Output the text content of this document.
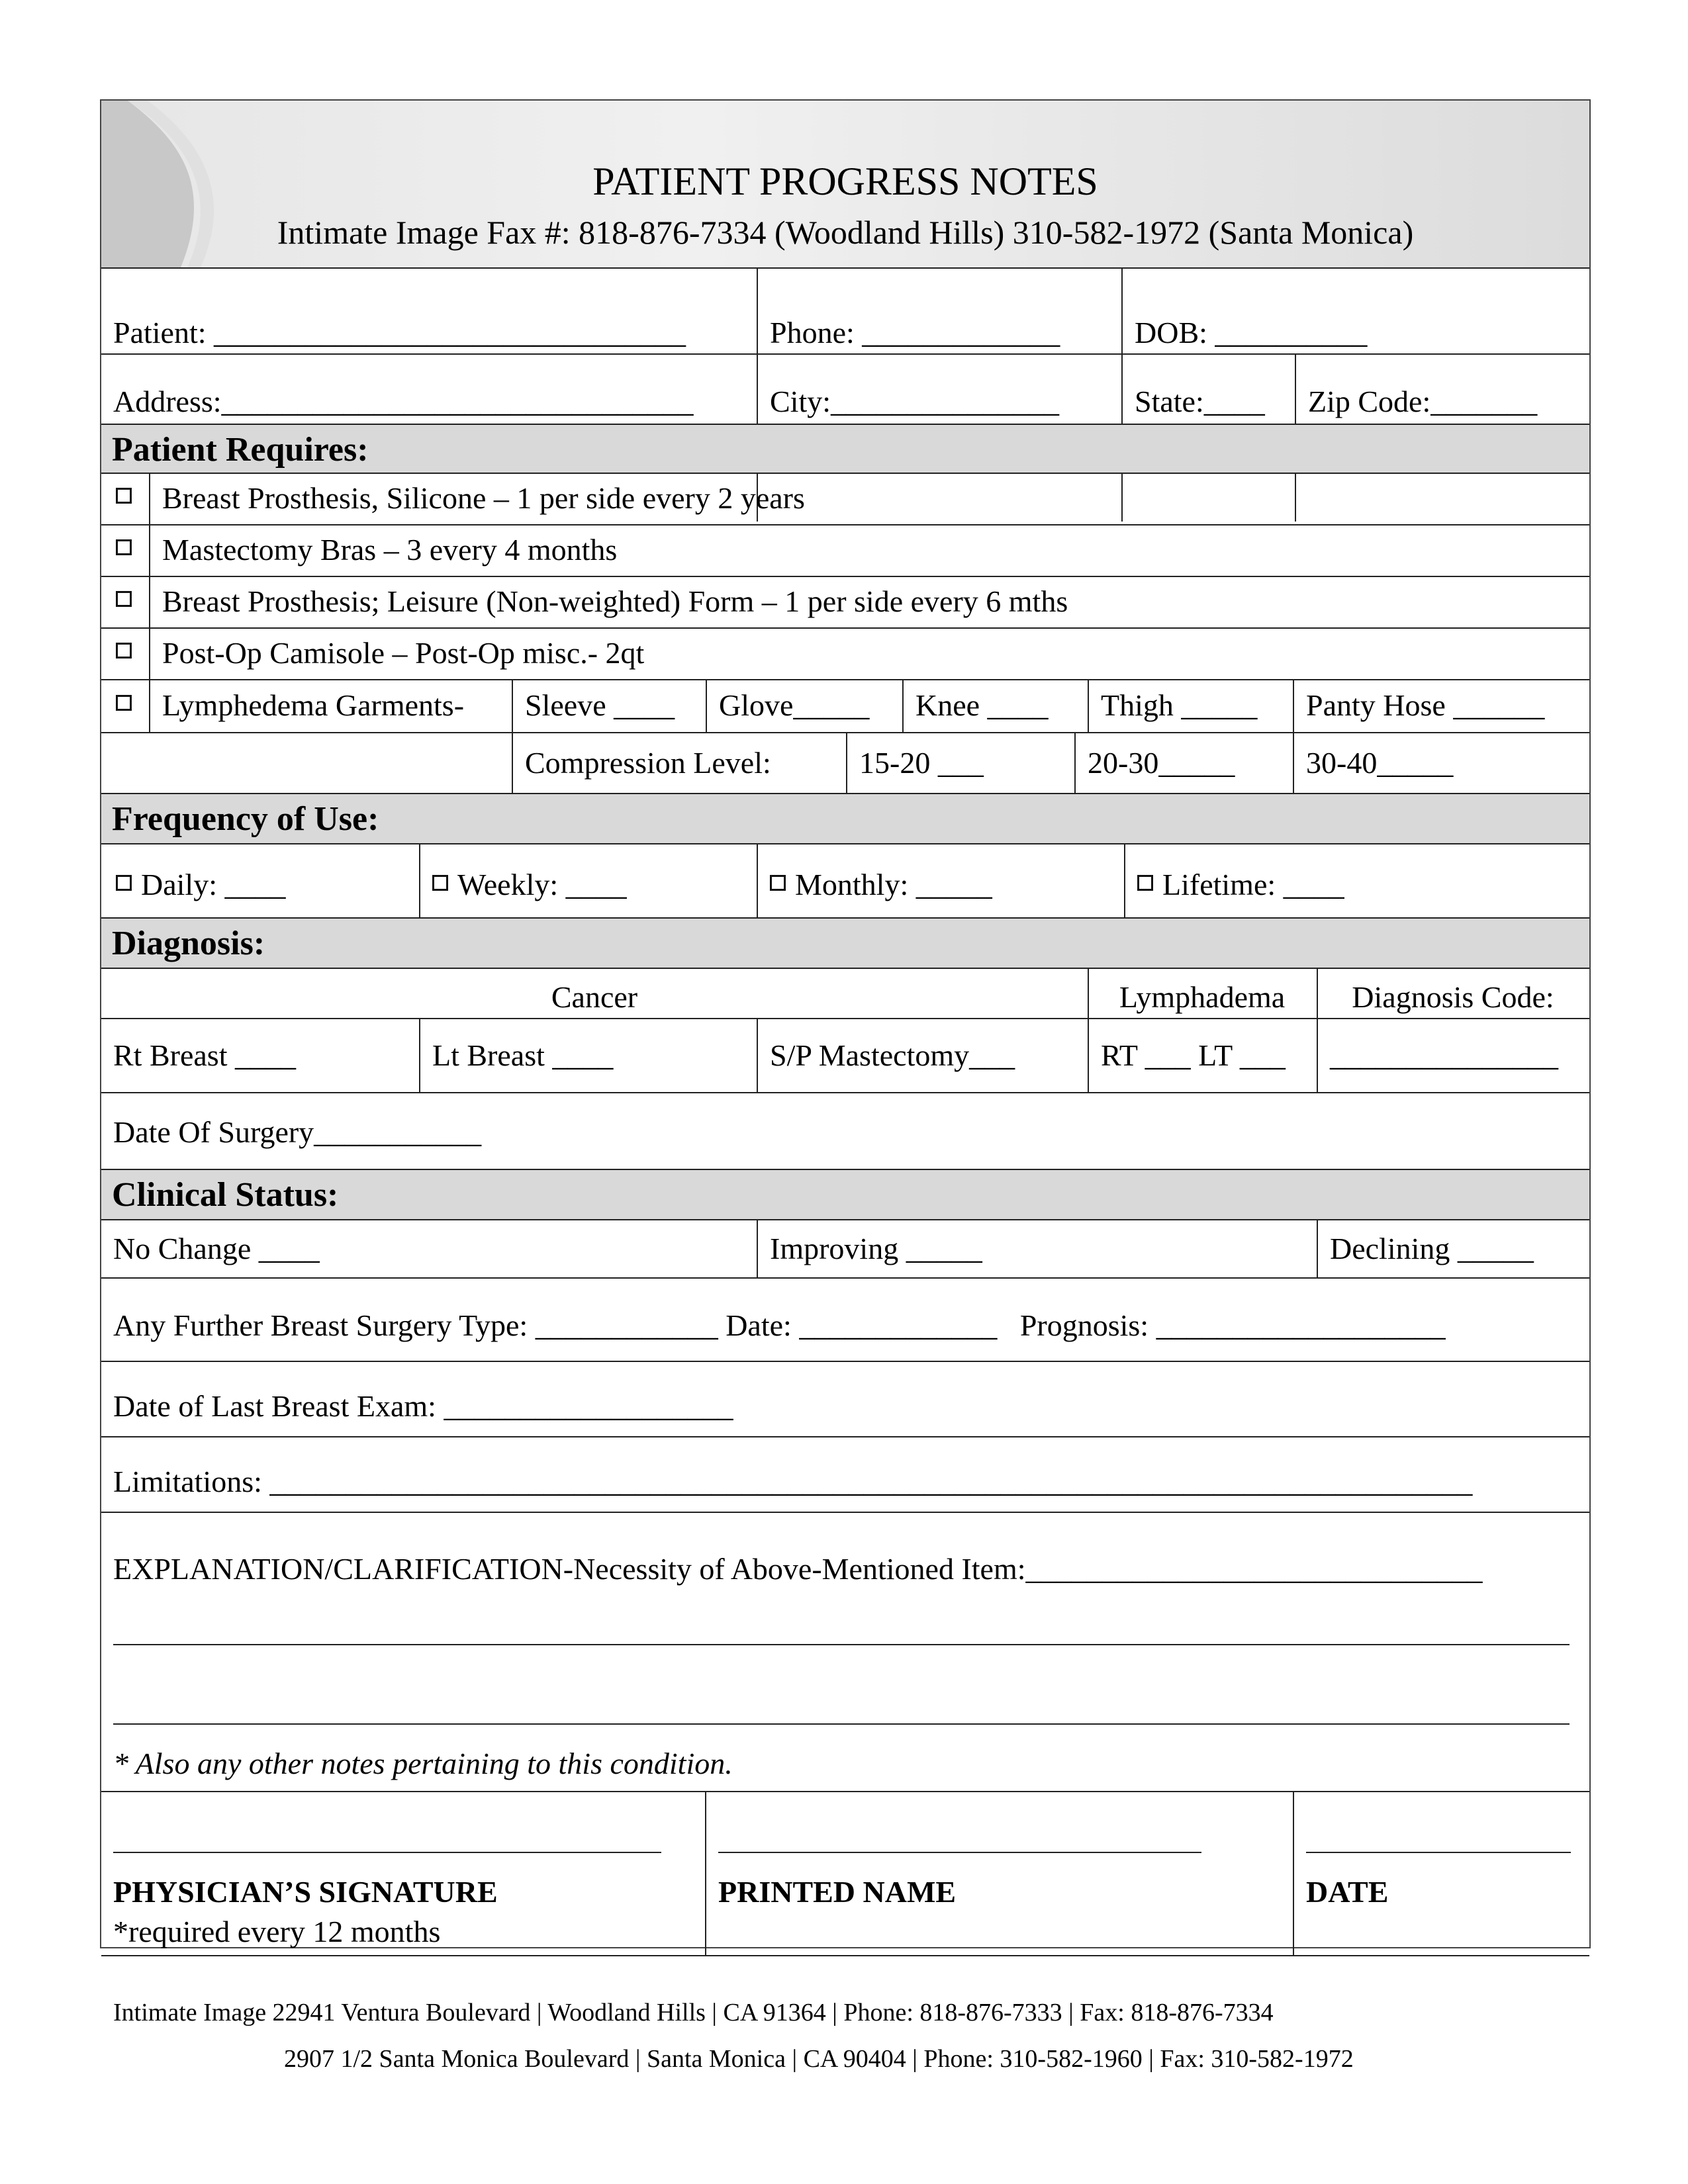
PATIENT PROGRESS NOTES
Intimate Image Fax #: 818-876-7334 (Woodland Hills) 310-582-1972 (Santa Monica)
Patient: _______________________________	Phone: _____________ DOB: __________
Address:_______________________________	City:_______________ State:____ Zip Code:_______
Patient Requires:
Breast Prosthesis, Silicone – 1 per side every 2 years
Mastectomy Bras – 3 every 4 months
Breast Prosthesis; Leisure (Non-weighted) Form – 1 per side every 6 mths
Post-Op Camisole – Post-Op misc.- 2qt
Lymphedema Garments- Sleeve ____ Glove_____ Knee ____ Thigh _____ Panty Hose ______
Compression Level:	15-20 ___	20-30_____ 30-40_____
Frequency of Use:
Daily: ____	Weekly: ____	Monthly: _____	Lifetime: ____
Diagnosis:
Cancer	Lymphadema	Diagnosis Code:
Rt Breast ____	Lt Breast ____	S/P Mastectomy___	RT ___ LT ___ _______________
Date Of Surgery___________
Clinical Status:
No Change ____	Improving _____	Declining _____
Any Further Breast Surgery Type: ____________ Date: _____________   Prognosis: ___________________
Date of Last Breast Exam: ___________________
Limitations: _______________________________________________________________________________
EXPLANATION/CLARIFICATION-Necessity of Above-Mentioned Item:______________________________
* Also any other notes pertaining to this condition.
PHYSICIAN’S SIGNATURE
*required every 12 months
PRINTED NAME	DATE
Intimate Image 22941 Ventura Boulevard | Woodland Hills | CA 91364 | Phone: 818-876-7333 | Fax: 818-876-7334
2907 1/2 Santa Monica Boulevard | Santa Monica | CA 90404 | Phone: 310-582-1960 | Fax: 310-582-1972
